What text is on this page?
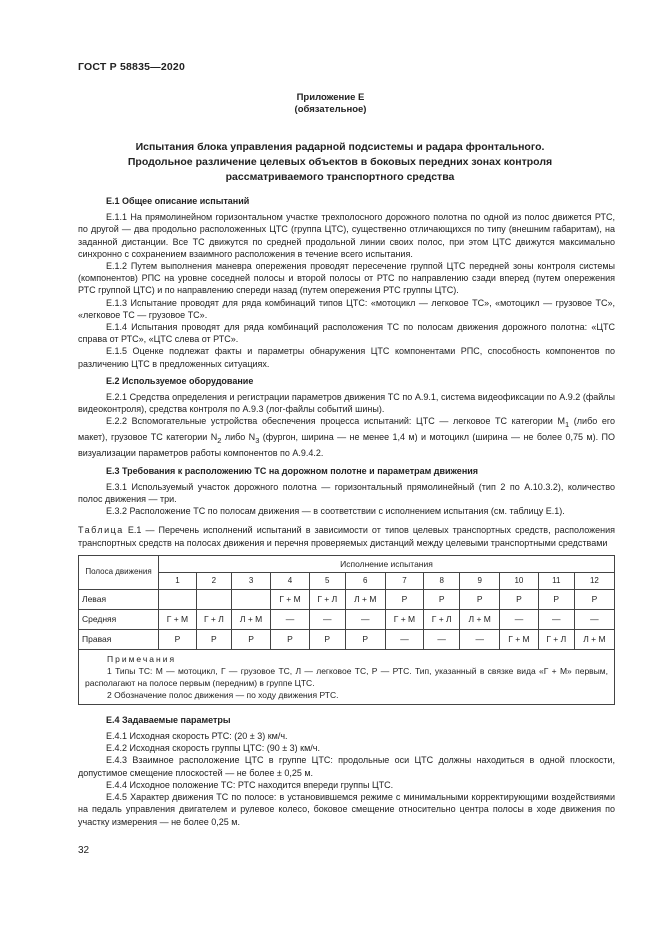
ГОСТ Р 58835—2020
Приложение Е
(обязательное)
Испытания блока управления радарной подсистемы и радара фронтального.
Продольное различение целевых объектов в боковых передних зонах контроля
рассматриваемого транспортного средства
Е.1 Общее описание испытаний

Е.1.1 На прямолинейном горизонтальном участке трехполосного дорожного полотна по одной из полос движется РТС, по другой — два продольно расположенных ЦТС (группа ЦТС), существенно отличающихся по типу (внешним габаритам), на заданной дистанции. Все ТС движутся по средней продольной линии своих полос, при этом ЦТС движутся максимально синхронно с сохранением взаимного расположения в течение всего испытания.

Е.1.2 Путем выполнения маневра опережения проводят пересечение группой ЦТС передней зоны контроля системы (компонентов) РПС на уровне соседней полосы и второй полосы от РТС по направлению сзади вперед (путем опережения РТС группой ЦТС) и по направлению спереди назад (путем опережения РТС группы ЦТС).

Е.1.3 Испытание проводят для ряда комбинаций типов ЦТС: «мотоцикл — легковое ТС», «мотоцикл — грузовое ТС», «легковое ТС — грузовое ТС».

Е.1.4 Испытания проводят для ряда комбинаций расположения ТС по полосам движения дорожного полотна: «ЦТС справа от РТС», «ЦТС слева от РТС».

Е.1.5 Оценке подлежат факты и параметры обнаружения ЦТС компонентами РПС, способность компонентов по различению ЦТС в предложенных ситуациях.

Е.2 Используемое оборудование

Е.2.1 Средства определения и регистрации параметров движения ТС по А.9.1, система видеофиксации по А.9.2 (файлы видеоконтроля), средства контроля по А.9.3 (лог-файлы событий шины).

Е.2.2 Вспомогательные устройства обеспечения процесса испытаний: ЦТС — легковое ТС категории $М_1$ (либо его макет), грузовое ТС категории $N_2$ либо $N_3$ (фургон, ширина — не менее 1,4 м) и мотоцикл (ширина — не более 0,75 м). ПО визуализации параметров работы компонентов по А.9.4.2.

Е.3 Требования к расположению ТС на дорожном полотне и параметрам движения

Е.3.1 Используемый участок дорожного полотна — горизонтальный прямолинейный (тип 2 по А.10.3.2), количество полос движения — три.

Е.3.2 Расположение ТС по полосам движения — в соответствии с исполнением испытания (см. таблицу Е.1).

Таблица Е.1 — Перечень исполнений испытаний в зависимости от типов целевых транспортных средств, расположения транспортных средств на полосах движения и перечня проверяемых дистанций между целевыми транспортными средствами
Полоса движения	Исполнение испытания											
	1	2	3	4	5	6	7	8	9	10	11	12
Левая				Г + М	Г + Л	Л + М	Р	Р	Р	Р	Р	Р
Средняя	Г + М	Г + Л	Л + М	—	—	—	Г + М	Г + Л	Л + М	—	—	—
Правая	Р	Р	Р	Р	Р	Р	—	—	—	Г + М	Г + Л	Л + М

Примечания

1 Типы ТС: М — мотоцикл, Г — грузовое ТС, Л — легковое ТС, Р — РТС. Тип, указанный в связке вида «Г + М» первым, располагают на полосе первым (передним) в группе ЦТС.

2 Обозначение полос движения — по ходу движения РТС.												

Е.4 Задаваемые параметры

Е.4.1 Исходная скорость РТС: (20 ± 3) км/ч.

Е.4.2 Исходная скорость группы ЦТС: (90 ± 3) км/ч.

Е.4.3 Взаимное расположение ЦТС в группе ЦТС: продольные оси ЦТС должны находиться в одной плоскости, допустимое смещение плоскостей — не более ± 0,25 м.

Е.4.4 Исходное положение ТС: РТС находится впереди группы ЦТС.

Е.4.5 Характер движения ТС по полосе: в установившемся режиме с минимальными корректирующими воздействиями на педаль управления двигателем и рулевое колесо, боковое смещение относительно центра полосы в ходе движения по участку измерения — не более 0,25 м.

32
